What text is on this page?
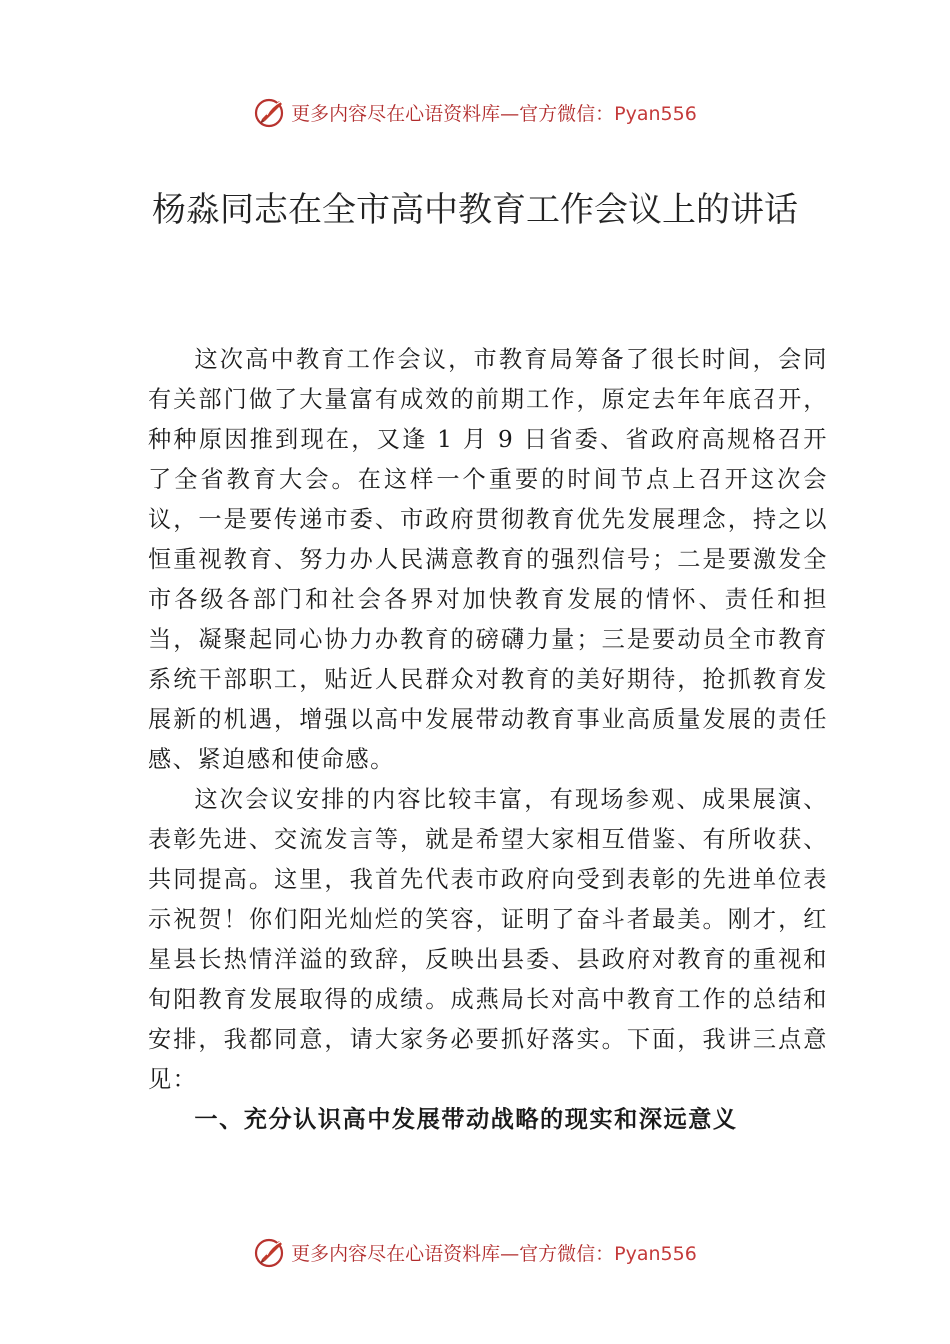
更多内容尽在心语资料库—官方微信：Pyan556
杨淼同志在全市高中教育工作会议上的讲话

这次高中教育工作会议，市教育局筹备了很长时间，会同有关部门做了大量富有成效的前期工作，原定去年年底召开，种种原因推到现在，又逢 1 月 9 日省委、省政府高规格召开了全省教育大会。在这样一个重要的时间节点上召开这次会议，一是要传递市委、市政府贯彻教育优先发展理念，持之以恒重视教育、努力办人民满意教育的强烈信号；二是要激发全市各级各部门和社会各界对加快教育发展的情怀、责任和担当，凝聚起同心协力办教育的磅礴力量；三是要动员全市教育系统干部职工，贴近人民群众对教育的美好期待，抢抓教育发展新的机遇，增强以高中发展带动教育事业高质量发展的责任感、紧迫感和使命感。

这次会议安排的内容比较丰富，有现场参观、成果展演、表彰先进、交流发言等，就是希望大家相互借鉴、有所收获、共同提高。这里，我首先代表市政府向受到表彰的先进单位表示祝贺！你们阳光灿烂的笑容，证明了奋斗者最美。刚才，红星县长热情洋溢的致辞，反映出县委、县政府对教育的重视和旬阳教育发展取得的成绩。成燕局长对高中教育工作的总结和安排，我都同意，请大家务必要抓好落实。下面，我讲三点意见：

一、充分认识高中发展带动战略的现实和深远意义
更多内容尽在心语资料库—官方微信：Pyan556
